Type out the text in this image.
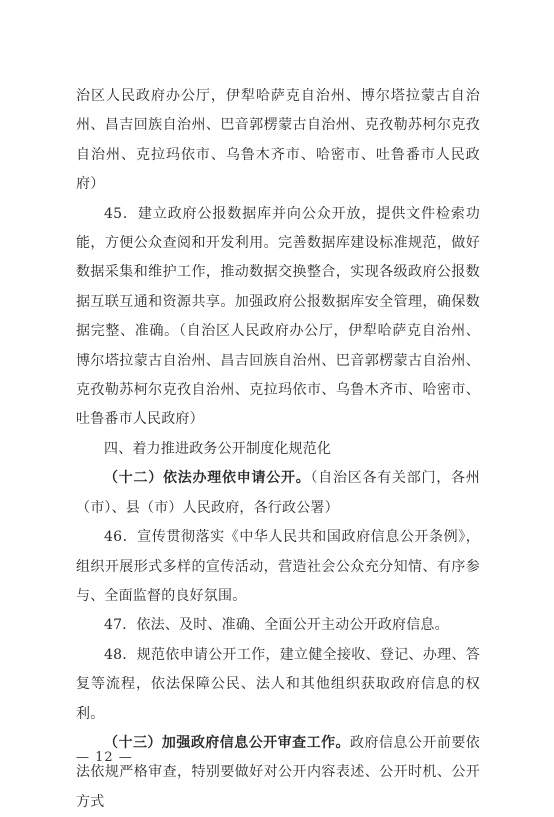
治区人民政府办公厅，伊犁哈萨克自治州、博尔塔拉蒙古自治州、昌吉回族自治州、巴音郭楞蒙古自治州、克孜勒苏柯尔克孜自治州、克拉玛依市、乌鲁木齐市、哈密市、吐鲁番市人民政府）

45．建立政府公报数据库并向公众开放，提供文件检索功能，方便公众查阅和开发利用。完善数据库建设标准规范，做好数据采集和维护工作，推动数据交换整合，实现各级政府公报数据互联互通和资源共享。加强政府公报数据库安全管理，确保数据完整、准确。（自治区人民政府办公厅，伊犁哈萨克自治州、博尔塔拉蒙古自治州、昌吉回族自治州、巴音郭楞蒙古自治州、克孜勒苏柯尔克孜自治州、克拉玛依市、乌鲁木齐市、哈密市、吐鲁番市人民政府）

四、着力推进政务公开制度化规范化

（十二）依法办理依申请公开。（自治区各有关部门，各州（市）、县（市）人民政府，各行政公署）

46．宣传贯彻落实《中华人民共和国政府信息公开条例》，组织开展形式多样的宣传活动，营造社会公众充分知情、有序参与、全面监督的良好氛围。

47．依法、及时、准确、全面公开主动公开政府信息。

48．规范依申请公开工作，建立健全接收、登记、办理、答复等流程，依法保障公民、法人和其他组织获取政府信息的权利。

（十三）加强政府信息公开审查工作。政府信息公开前要依法依规严格审查，特别要做好对公开内容表述、公开时机、公开方式

— 12 —
